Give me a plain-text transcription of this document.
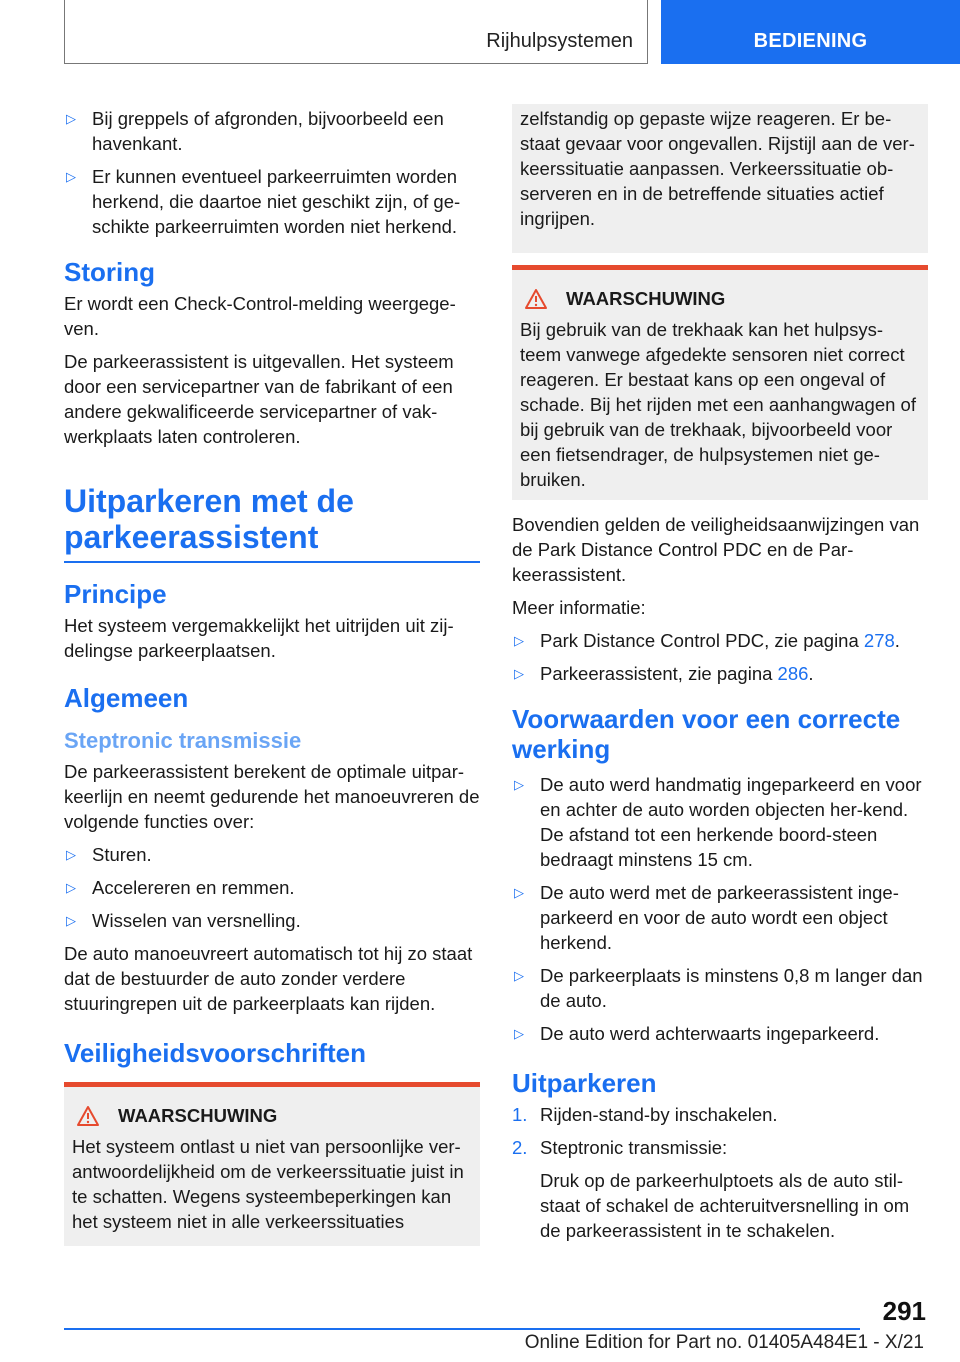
Rijhulpsystemen	BEDIENING
▷ Bij greppels of afgronden, bijvoorbeeld een havenkant.
▷ Er kunnen eventueel parkeerruimten worden herkend, die daartoe niet geschikt zijn, of ge-schikte parkeerruimten worden niet herkend.
Storing

Er wordt een Check-Control-melding weergege-ven.

De parkeerassistent is uitgevallen. Het systeem door een servicepartner van de fabrikant of een andere gekwalificeerde servicepartner of vak-werkplaats laten controleren.

Uitparkeren met de parkeerassistent
Principe

Het systeem vergemakkelijkt het uitrijden uit zij-delingse parkeerplaatsen.

Algemeen
Steptronic transmissie

De parkeerassistent berekent de optimale uitpar-keerlijn en neemt gedurende het manoeuvreren de volgende functies over:

▷ Sturen.
▷ Accelereren en remmen.
▷ Wisselen van versnelling.

De auto manoeuvreert automatisch tot hij zo staat dat de bestuurder de auto zonder verdere stuuringrepen uit de parkeerplaats kan rijden.

Veiligheidsvoorschriften
WAARSCHUWING
Het systeem ontlast u niet van persoonlijke ver-antwoordelijkheid om de verkeerssituatie juist in te schatten. Wegens systeembeperkingen kan het systeem niet in alle verkeerssituaties
zelfstandig op gepaste wijze reageren. Er be-staat gevaar voor ongevallen. Rijstijl aan de ver-keerssituatie aanpassen. Verkeerssituatie ob-serveren en in de betreffende situaties actief ingrijpen.
WAARSCHUWING
Bij gebruik van de trekhaak kan het hulpsys-teem vanwege afgedekte sensoren niet correct reageren. Er bestaat kans op een ongeval of schade. Bij het rijden met een aanhangwagen of bij gebruik van de trekhaak, bijvoorbeeld voor een fietsendrager, de hulpsystemen niet ge-bruiken.

Bovendien gelden de veiligheidsaanwijzingen van de Park Distance Control PDC en de Par-keerassistent.

Meer informatie:

▷ Park Distance Control PDC, zie pagina 278.
▷ Parkeerassistent, zie pagina 286.
Voorwaarden voor een correcte werking
▷ De auto werd handmatig ingeparkeerd en voor en achter de auto worden objecten her-kend. De afstand tot een herkende boord-steen bedraagt minstens 15 cm.
▷ De auto werd met de parkeerassistent inge-parkeerd en voor de auto wordt een object herkend.
▷ De parkeerplaats is minstens 0,8 m langer dan de auto.
▷ De auto werd achterwaarts ingeparkeerd.
Uitparkeren
1. Rijden-stand-by inschakelen.
2. Steptronic transmissie:
Druk op de parkeerhulptoets als de auto stil-staat of schakel de achteruitversnelling in om de parkeerassistent in te schakelen.
291
Online Edition for Part no. 01405A484E1 - X/21
